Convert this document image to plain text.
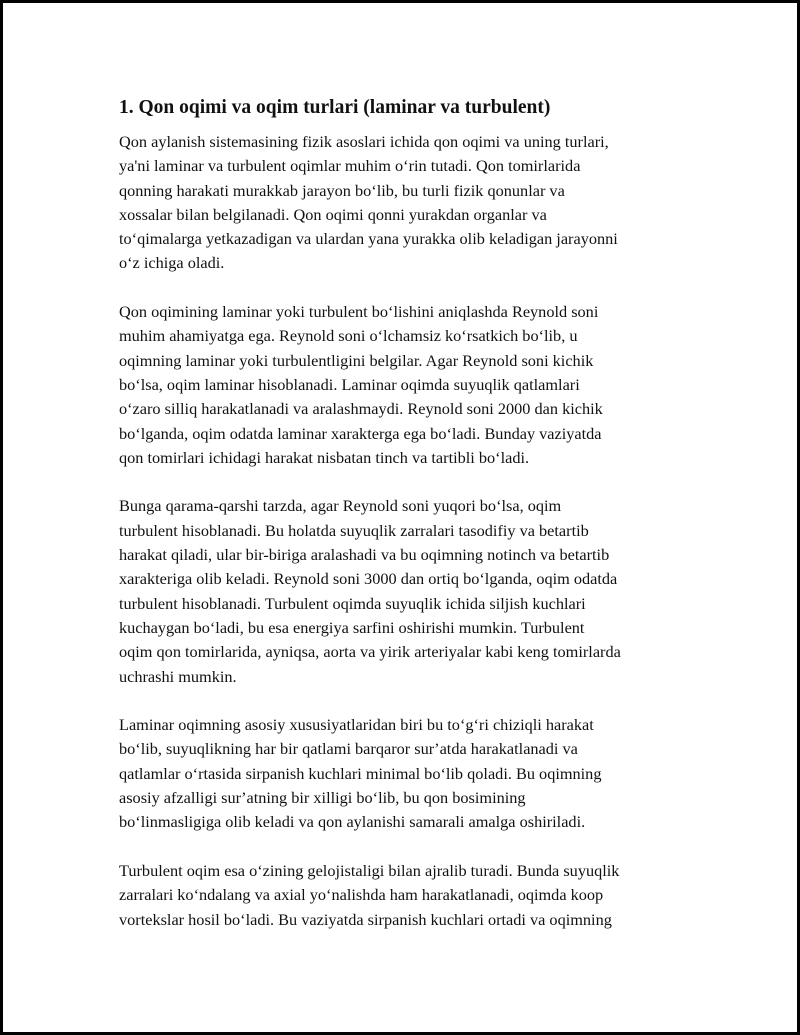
1. Qon oqimi va oqim turlari (laminar va turbulent)

Qon aylanish sistemasining fizik asoslari ichida qon oqimi va uning turlari,
ya'ni laminar va turbulent oqimlar muhim oʻrin tutadi. Qon tomirlarida
qonning harakati murakkab jarayon boʻlib, bu turli fizik qonunlar va
xossalar bilan belgilanadi. Qon oqimi qonni yurakdan organlar va
toʻqimalarga yetkazadigan va ulardan yana yurakka olib keladigan jarayonni
oʻz ichiga oladi.

Qon oqimining laminar yoki turbulent boʻlishini aniqlashda Reynold soni
muhim ahamiyatga ega. Reynold soni oʻlchamsiz koʻrsatkich boʻlib, u
oqimning laminar yoki turbulentligini belgilar. Agar Reynold soni kichik
boʻlsa, oqim laminar hisoblanadi. Laminar oqimda suyuqlik qatlamlari
oʻzaro silliq harakatlanadi va aralashmaydi. Reynold soni 2000 dan kichik
boʻlganda, oqim odatda laminar xarakterga ega boʻladi. Bunday vaziyatda
qon tomirlari ichidagi harakat nisbatan tinch va tartibli boʻladi.

Bunga qarama-qarshi tarzda, agar Reynold soni yuqori boʻlsa, oqim
turbulent hisoblanadi. Bu holatda suyuqlik zarralari tasodifiy va betartib
harakat qiladi, ular bir-biriga aralashadi va bu oqimning notinch va betartib
xarakteriga olib keladi. Reynold soni 3000 dan ortiq boʻlganda, oqim odatda
turbulent hisoblanadi. Turbulent oqimda suyuqlik ichida siljish kuchlari
kuchaygan boʻladi, bu esa energiya sarfini oshirishi mumkin. Turbulent
oqim qon tomirlarida, ayniqsa, aorta va yirik arteriyalar kabi keng tomirlarda
uchrashi mumkin.

Laminar oqimning asosiy xususiyatlaridan biri bu toʻgʻri chiziqli harakat
boʻlib, suyuqlikning har bir qatlami barqaror surʼatda harakatlanadi va
qatlamlar oʻrtasida sirpanish kuchlari minimal boʻlib qoladi. Bu oqimning
asosiy afzalligi surʼatning bir xilligi boʻlib, bu qon bosimining
boʻlinmasligiga olib keladi va qon aylanishi samarali amalga oshiriladi.

Turbulent oqim esa oʻzining gelojistaligi bilan ajralib turadi. Bunda suyuqlik
zarralari koʻndalang va axial yoʻnalishda ham harakatlanadi, oqimda koop
vortekslar hosil boʻladi. Bu vaziyatda sirpanish kuchlari ortadi va oqimning
